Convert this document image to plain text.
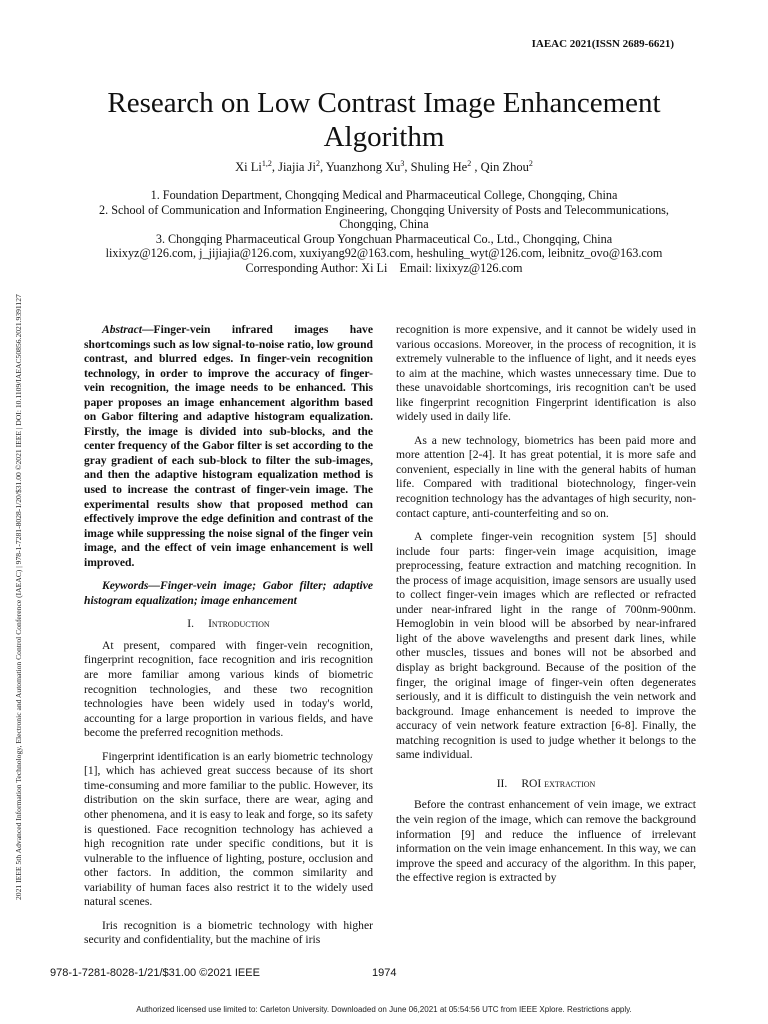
2021 IEEE 5th Advanced Information Technology, Electronic and Automation Control Conference (IAEAC) | 978-1-7281-8028-1/20/$31.00 ©2021 IEEE | DOI: 10.1109/IAEAC50856.2021.9391127
IAEAC 2021(ISSN 2689-6621)
Research on Low Contrast Image Enhancement
Algorithm
Xi Li$^{1,2}$, Jiajia Ji$^2$, Yuanzhong Xu$^3$, Shuling He$^2$ , Qin Zhou$^2$
1. Foundation Department, Chongqing Medical and Pharmaceutical College, Chongqing, China
2. School of Communication and Information Engineering, Chongqing University of Posts and Telecommunications, Chongqing, China
3. Chongqing Pharmaceutical Group Yongchuan Pharmaceutical Co., Ltd., Chongqing, China
lixixyz@126.com, j_jijiajia@126.com, xuxiyang92@163.com, heshuling_wyt@126.com, leibnitz_ovo@163.com
Corresponding Author: Xi Li    Email: lixixyz@126.com

Abstract—Finger-vein infrared images have shortcomings such as low signal-to-noise ratio, low ground contrast, and blurred edges. In finger-vein recognition technology, in order to improve the accuracy of finger-vein recognition, the image needs to be enhanced. This paper proposes an image enhancement algorithm based on Gabor filtering and adaptive histogram equalization. Firstly, the image is divided into sub-blocks, and the center frequency of the Gabor filter is set according to the gray gradient of each sub-block to filter the sub-images, and then the adaptive histogram equalization method is used to increase the contrast of finger-vein image. The experimental results show that proposed method can effectively improve the edge definition and contrast of the image while suppressing the noise signal of the finger vein image, and the effect of vein image enhancement is well improved.

Keywords—Finger-vein image; Gabor filter; adaptive histogram equalization; image enhancement

I. Introduction

At present, compared with finger-vein recognition, fingerprint recognition, face recognition and iris recognition are more familiar among various kinds of biometric recognition technologies, and these two recognition technologies have been widely used in today's world, accounting for a large proportion in various fields, and have become the preferred recognition methods.

Fingerprint identification is an early biometric technology [1], which has achieved great success because of its short time-consuming and more familiar to the public. However, its distribution on the skin surface, there are wear, aging and other phenomena, and it is easy to leak and forge, so its safety is questioned. Face recognition technology has achieved a high recognition rate under specific conditions, but it is vulnerable to the influence of lighting, posture, occlusion and other factors. In addition, the common similarity and variability of human faces also restrict it to the widely used natural scenes.

Iris recognition is a biometric technology with higher security and confidentiality, but the machine of iris

recognition is more expensive, and it cannot be widely used in various occasions. Moreover, in the process of recognition, it is extremely vulnerable to the influence of light, and it needs eyes to aim at the machine, which wastes unnecessary time. Due to these unavoidable shortcomings, iris recognition can't be used like fingerprint recognition Fingerprint identification is also widely used in daily life.

As a new technology, biometrics has been paid more and more attention [2-4]. It has great potential, it is more safe and convenient, especially in line with the general habits of human life. Compared with traditional biotechnology, finger-vein recognition technology has the advantages of high security, non-contact capture, anti-counterfeiting and so on.

A complete finger-vein recognition system [5] should include four parts: finger-vein image acquisition, image preprocessing, feature extraction and matching recognition. In the process of image acquisition, image sensors are usually used to collect finger-vein images which are reflected or refracted under near-infrared light in the range of 700nm-900nm. Hemoglobin in vein blood will be absorbed by near-infrared light of the above wavelengths and present dark lines, while other muscles, tissues and bones will not be absorbed and display as bright background. Because of the position of the finger, the original image of finger-vein often degenerates seriously, and it is difficult to distinguish the vein network and background. Image enhancement is needed to improve the accuracy of vein network feature extraction [6-8]. Finally, the matching recognition is used to judge whether it belongs to the same individual.

II. ROI extraction

Before the contrast enhancement of vein image, we extract the vein region of the image, which can remove the background information [9] and reduce the influence of irrelevant information on the vein image enhancement. In this way, we can improve the speed and accuracy of the algorithm. In this paper, the effective region is extracted by

978-1-7281-8028-1/21/$31.00 ©2021 IEEE	1974
Authorized licensed use limited to: Carleton University. Downloaded on June 06,2021 at 05:54:56 UTC from IEEE Xplore. Restrictions apply.
